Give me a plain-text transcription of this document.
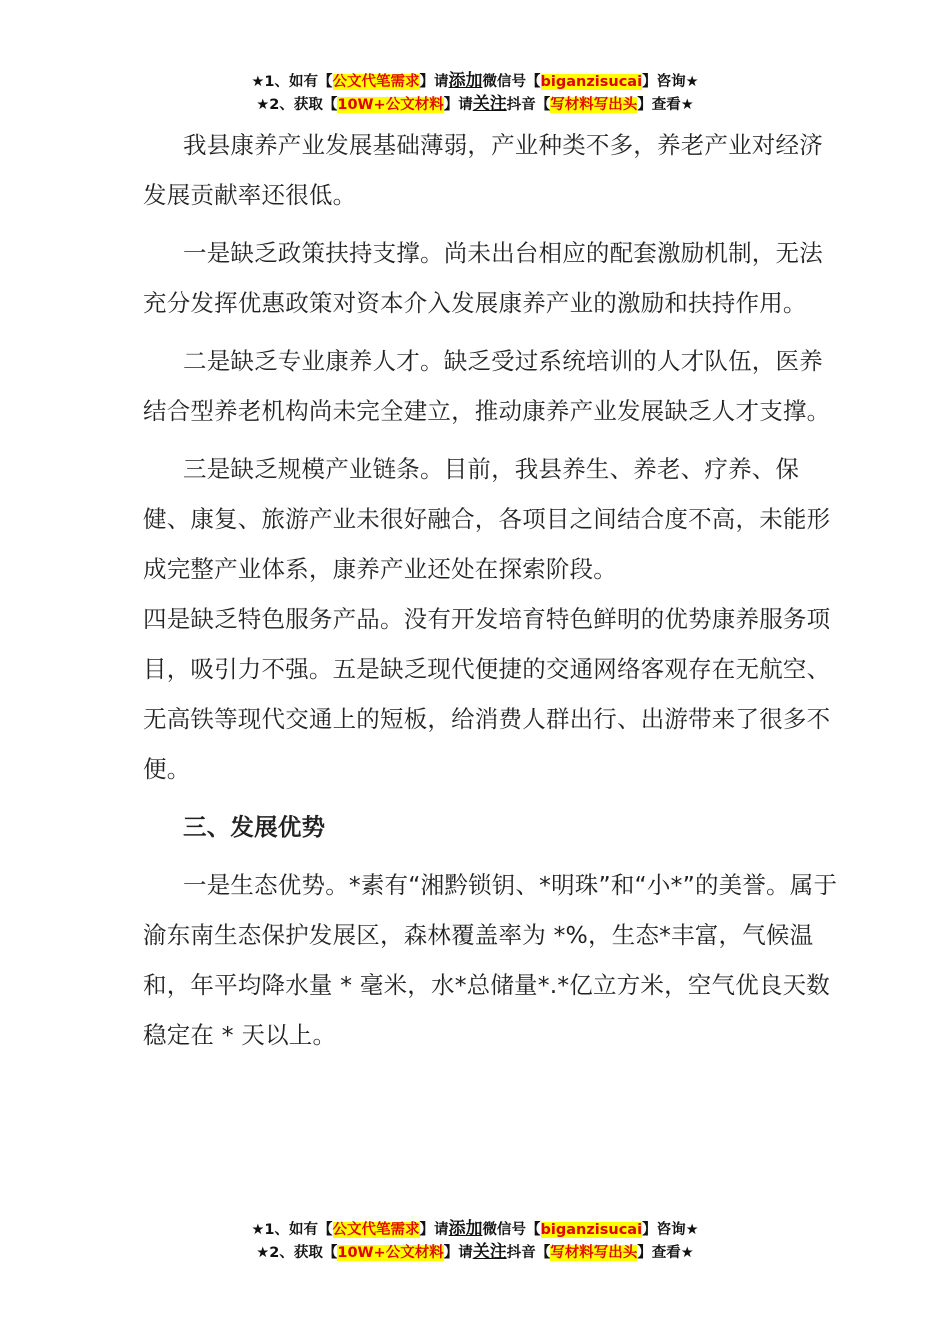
★1、如有【公文代笔需求】请添加微信号【biganzisucai】咨询★
★2、获取【10W+公文材料】请关注抖音【写材料写出头】查看★

我县康养产业发展基础薄弱，产业种类不多，养老产业对经济发展贡献率还很低。

一是缺乏政策扶持支撑。尚未出台相应的配套激励机制，无法充分发挥优惠政策对资本介入发展康养产业的激励和扶持作用。

二是缺乏专业康养人才。缺乏受过系统培训的人才队伍，医养结合型养老机构尚未完全建立，推动康养产业发展缺乏人才支撑。

三是缺乏规模产业链条。目前，我县养生、养老、疗养、保健、康复、旅游产业未很好融合，各项目之间结合度不高，未能形成完整产业体系，康养产业还处在探索阶段。

四是缺乏特色服务产品。没有开发培育特色鲜明的优势康养服务项目，吸引力不强。五是缺乏现代便捷的交通网络客观存在无航空、无高铁等现代交通上的短板，给消费人群出行、出游带来了很多不便。

三、发展优势

一是生态优势。*素有“湘黔锁钥、*明珠”和“小*”的美誉。属于渝东南生态保护发展区，森林覆盖率为 *%，生态*丰富，气候温和，年平均降水量 * 毫米，水*总储量*.*亿立方米，空气优良天数稳定在 * 天以上。

★1、如有【公文代笔需求】请添加微信号【biganzisucai】咨询★
★2、获取【10W+公文材料】请关注抖音【写材料写出头】查看★
